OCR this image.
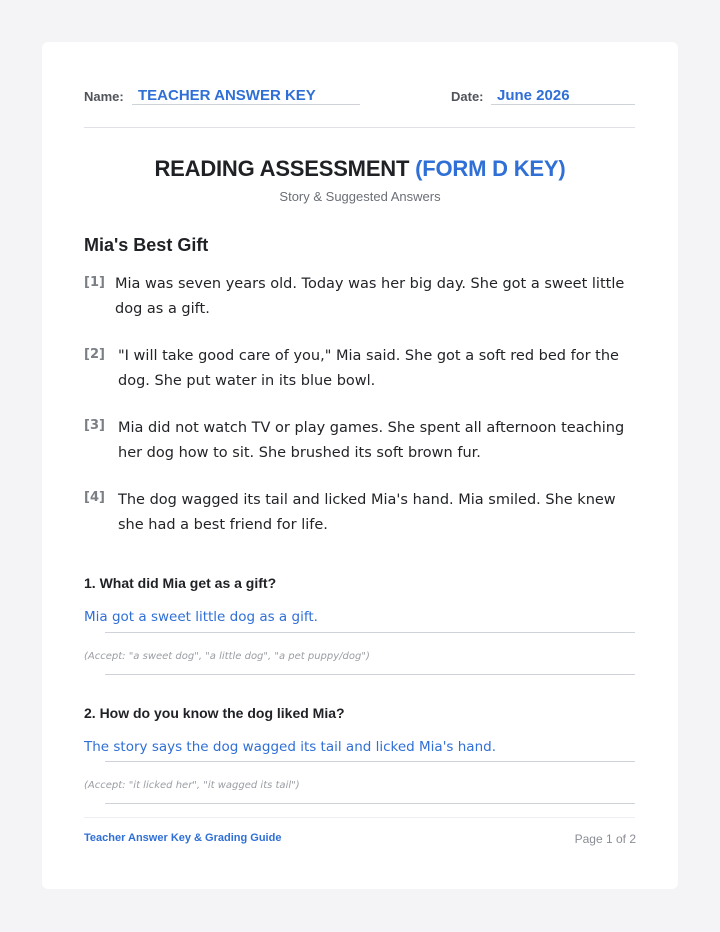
Name: TEACHER ANSWER KEY	Date: June 2026
READING ASSESSMENT (FORM D KEY)
Story & Suggested Answers
Mia's Best Gift
[1] Mia was seven years old. Today was her big day. She got a sweet little dog as a gift.
[2] "I will take good care of you," Mia said. She got a soft red bed for the dog. She put water in its blue bowl.
[3] Mia did not watch TV or play games. She spent all afternoon teaching her dog how to sit. She brushed its soft brown fur.
[4] The dog wagged its tail and licked Mia's hand. Mia smiled. She knew she had a best friend for life.
1. What did Mia get as a gift?
Mia got a sweet little dog as a gift.
(Accept: "a sweet dog", "a little dog", "a pet puppy/dog")
2. How do you know the dog liked Mia?
The story says the dog wagged its tail and licked Mia's hand.
(Accept: "it licked her", "it wagged its tail")
Teacher Answer Key & Grading Guide	Page 1 of 2
